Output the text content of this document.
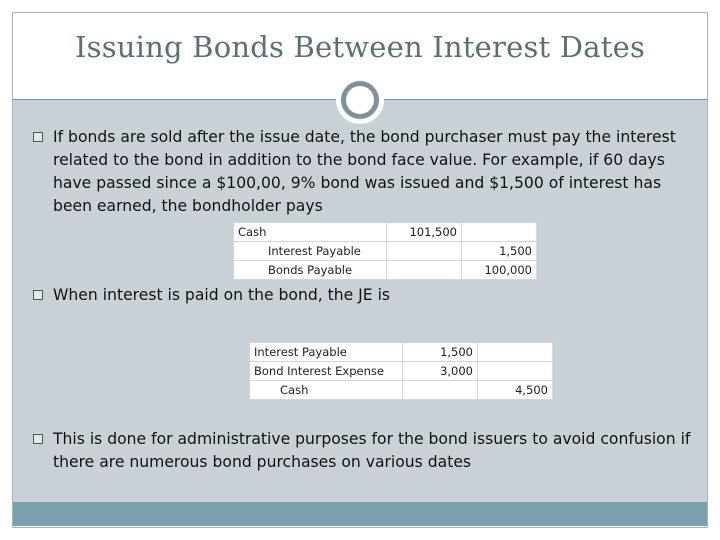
Issuing Bonds Between Interest Dates
If bonds are sold after the issue date, the bond purchaser must pay the interest related to the bond in addition to the bond face value. For example, if 60 days have passed since a $100,00, 9% bond was issued and $1,500 of interest has been earned, the bondholder pays
Cash	101,500	
Interest Payable		1,500
Bonds Payable		100,000
When interest is paid on the bond, the JE is
Interest Payable	1,500	
Bond Interest Expense	3,000	
Cash		4,500
This is done for administrative purposes for the bond issuers to avoid confusion if there are numerous bond purchases on various dates
